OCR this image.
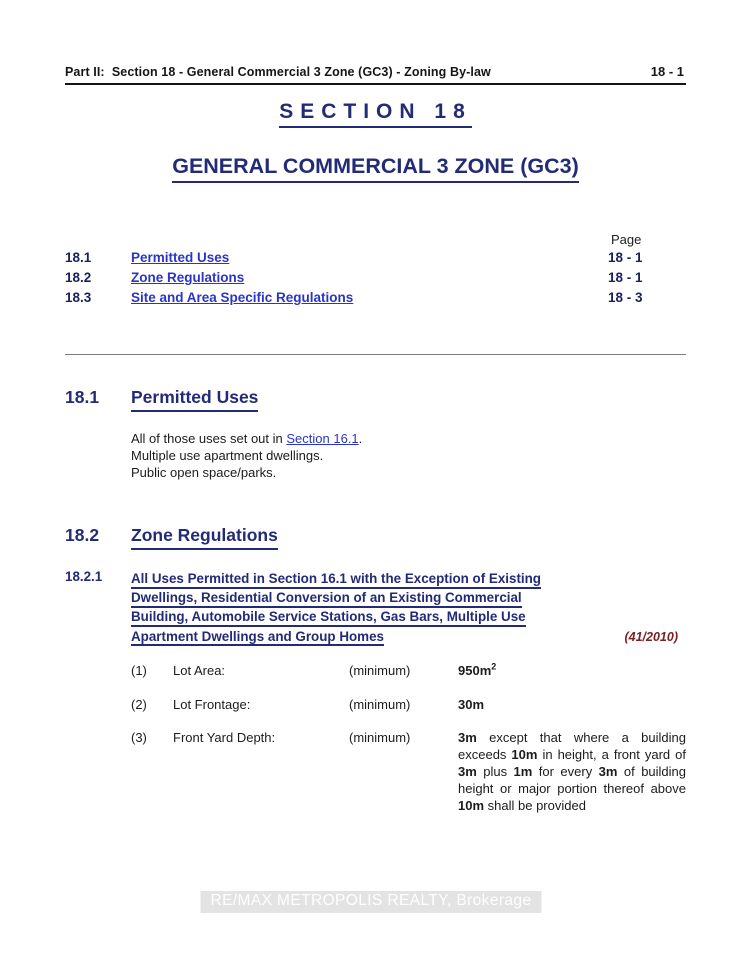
Part II:  Section 18 - General Commercial 3 Zone (GC3) - Zoning By-law	18 - 1
SECTION 18
GENERAL COMMERCIAL 3 ZONE (GC3)
Page
18.1	Permitted Uses	18 - 1
18.2	Zone Regulations	18 - 1
18.3	Site and Area Specific Regulations	18 - 3
18.1	Permitted Uses
All of those uses set out in Section 16.1.
Multiple use apartment dwellings.
Public open space/parks.
18.2	Zone Regulations
18.2.1	All Uses Permitted in Section 16.1 with the Exception of Existing
Dwellings, Residential Conversion of an Existing Commercial
Building, Automobile Service Stations, Gas Bars, Multiple Use
Apartment Dwellings and Group Homes	(41/2010)
(1)	Lot Area:	(minimum)	$950m^2$
(2)	Lot Frontage:	(minimum)	30m
(3)	Front Yard Depth:	(minimum)	3m except that where a building exceeds 10m in height, a front yard of 3m plus 1m for every 3m of building height or major portion thereof above 10m shall be provided
RE/MAX METROPOLIS REALTY, Brokerage
